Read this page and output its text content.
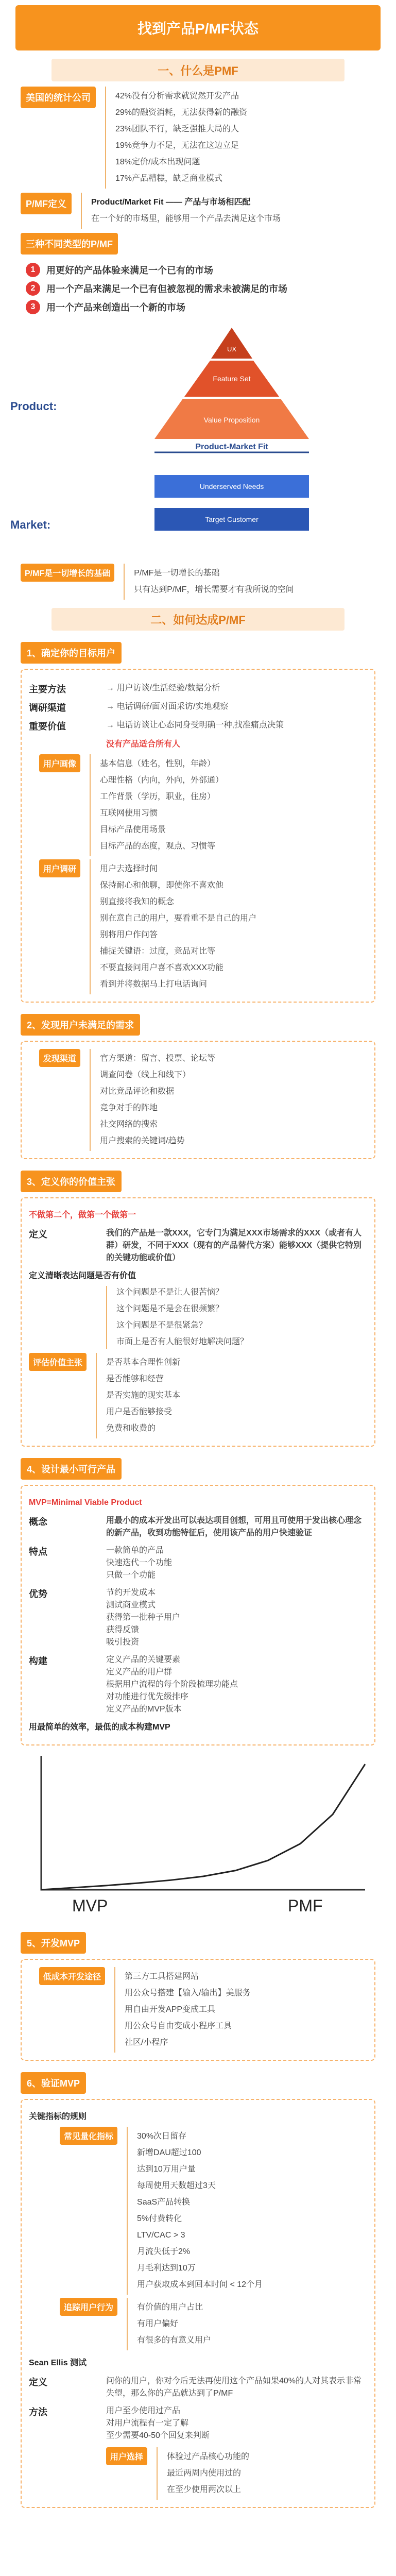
找到产品P/MF状态
一、什么是PMF
美国的统计公司	42%没有分析需求就贸然开发产品
29%的融资消耗，无法获得新的融资
23%团队不行，缺乏强推大局的人
19%竞争力不足，无法在这边立足
18%定价/成本出现问题
17%产品糟糕，缺乏商业模式
P/MF定义	Product/Market Fit —— 产品与市场相匹配
在一个好的市场里，能够用一个产品去满足这个市场
三种不同类型的P/MF
1	用更好的产品体验来满足一个已有的市场
2	用一个产品来满足一个已有但被忽视的需求未被满足的市场
3	用一个产品来创造出一个新的市场
Product:
Market:
UX
Feature Set
Value Proposition
Product-Market Fit
Underserved Needs
Target Customer
P/MF是一切增长的基础	P/MF是一切增长的基础
只有达到P/MF，增长需要才有我所说的空间
二、如何达成P/MF
1、确定你的目标用户
主要方法	→ 用户访谈/生活经验/数据分析
调研渠道	→ 电话调研/面对面采访/实地观察
重要价值	→ 电话访谈让心态同身受明确一种,找准痛点决策
没有产品适合所有人
用户画像	基本信息（姓名，性别，年龄）
心理性格（内向，外向，外部通）
工作背景（学历，职业，住房）
互联网使用习惯
目标产品使用场景
目标产品的态度，观点、习惯等
用户调研	用户去选择时间
保持耐心和他聊，即使你不喜欢他
别直接将我知的概念
别在意自己的用户，要看重不是自己的用户
别将用户作问答
捕捉关键语：过度，竞品对比等
不要直接问用户喜不喜欢XXX功能
看到并将数据马上打电话询问
2、发现用户未满足的需求
发现渠道	官方渠道：留言、投票、论坛等
调查问卷（线上和线下）
对比竞品评论和数据
竞争对手的阵地
社交网络的搜索
用户搜索的关键词/趋势
3、定义你的价值主张
不做第二个，做第一个做第一
定义	我们的产品是一款XXX，它专门为满足XXX市场需求的XXX（或者有人群）研发，不同于XXX（现有的产品替代方案）能够XXX（提供它特别的关键功能或价值）
定义清晰表达问题是否有价值
这个问题是不是让人很苦恼？
这个问题是不是会在很频繁？
这个问题是不是很紧急？
市面上是否有人能很好地解决问题？
评估价值主张	是否基本合理性创新
是否能够和经营
是否实施的现实基本
用户是否能够接受
免费和收费的
4、设计最小可行产品
MVP=Minimal Viable Product
概念	用最小的成本开发出可以表达项目创想，可用且可使用于发出核心理念的新产品，收到功能特征后，使用该产品的用户快速验证
特点	一款简单的产品
快速迭代一个功能
只做一个功能
优势	节约开发成本
测试商业模式
获得第一批种子用户
获得反馈
吸引投资
构建	定义产品的关键要素
定义产品的用户群
根据用户流程的每个阶段梳理功能点
对功能进行优先级排序
定义产品的MVP版本
用最简单的效率，最低的成本构建MVP
MVP	PMF
5、开发MVP
低成本开发途径	第三方工具搭建网站
用公众号搭建【输入/输出】美服务
用自由开发APP变成工具
用公众号自由变成小程序工具
社区/小程序
6、验证MVP
关键指标的规则
常见量化指标	30%次日留存
新增DAU超过100
达到10万用户量
每周使用天数超过3天
SaaS产品转换
5%付费转化
LTV/CAC > 3
月流失低于2%
月毛利达到10万
用户获取成本到回本时间 < 12个月
追踪用户行为	有价值的用户占比
有用户偏好
有很多的有意义用户
Sean Ellis 测试
定义	问你的用户，你对今后无法再使用这个产品如果40%的人对其表示非常失望，那么你的产品就达到了P/MF
方法	用户至少使用过产品
对用户流程有一定了解
至少需要40-50个回复来判断
用户选择	体验过产品核心功能的
最近两周内使用过的
在至少使用两次以上
